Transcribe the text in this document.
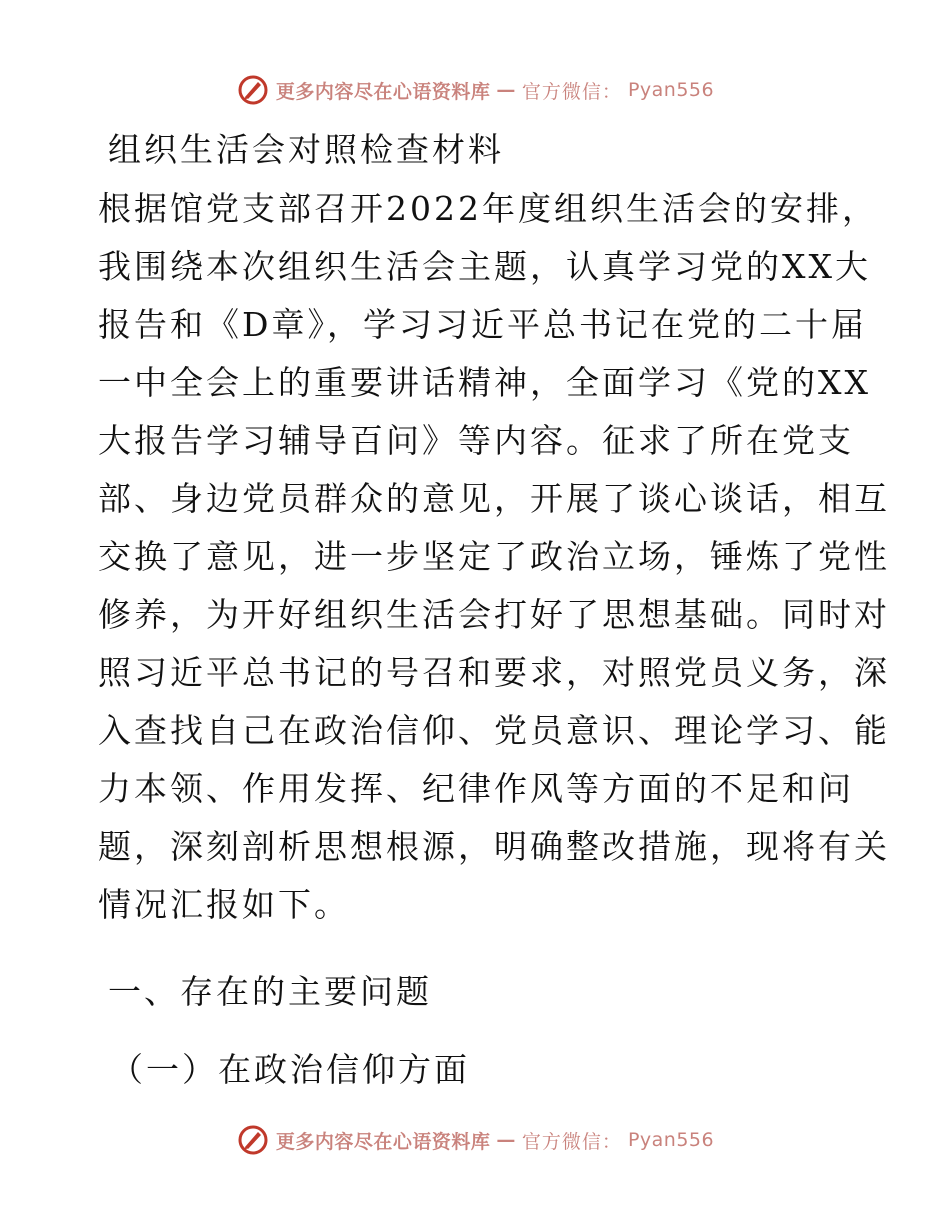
更多内容尽在心语资料库 — 官方微信： Pyan556
组织生活会对照检查材料
根据馆党支部召开2022年度组织生活会的安排，
我围绕本次组织生活会主题，认真学习党的XX大
报告和《D章》，学习习近平总书记在党的二十届
一中全会上的重要讲话精神，全面学习《党的XX
大报告学习辅导百问》等内容。征求了所在党支
部、身边党员群众的意见，开展了谈心谈话，相互
交换了意见，进一步坚定了政治立场，锤炼了党性
修养，为开好组织生活会打好了思想基础。同时对
照习近平总书记的号召和要求，对照党员义务，深
入查找自己在政治信仰、党员意识、理论学习、能
力本领、作用发挥、纪律作风等方面的不足和问
题，深刻剖析思想根源，明确整改措施，现将有关
情况汇报如下。
一、存在的主要问题
（一）在政治信仰方面
更多内容尽在心语资料库 — 官方微信： Pyan556
